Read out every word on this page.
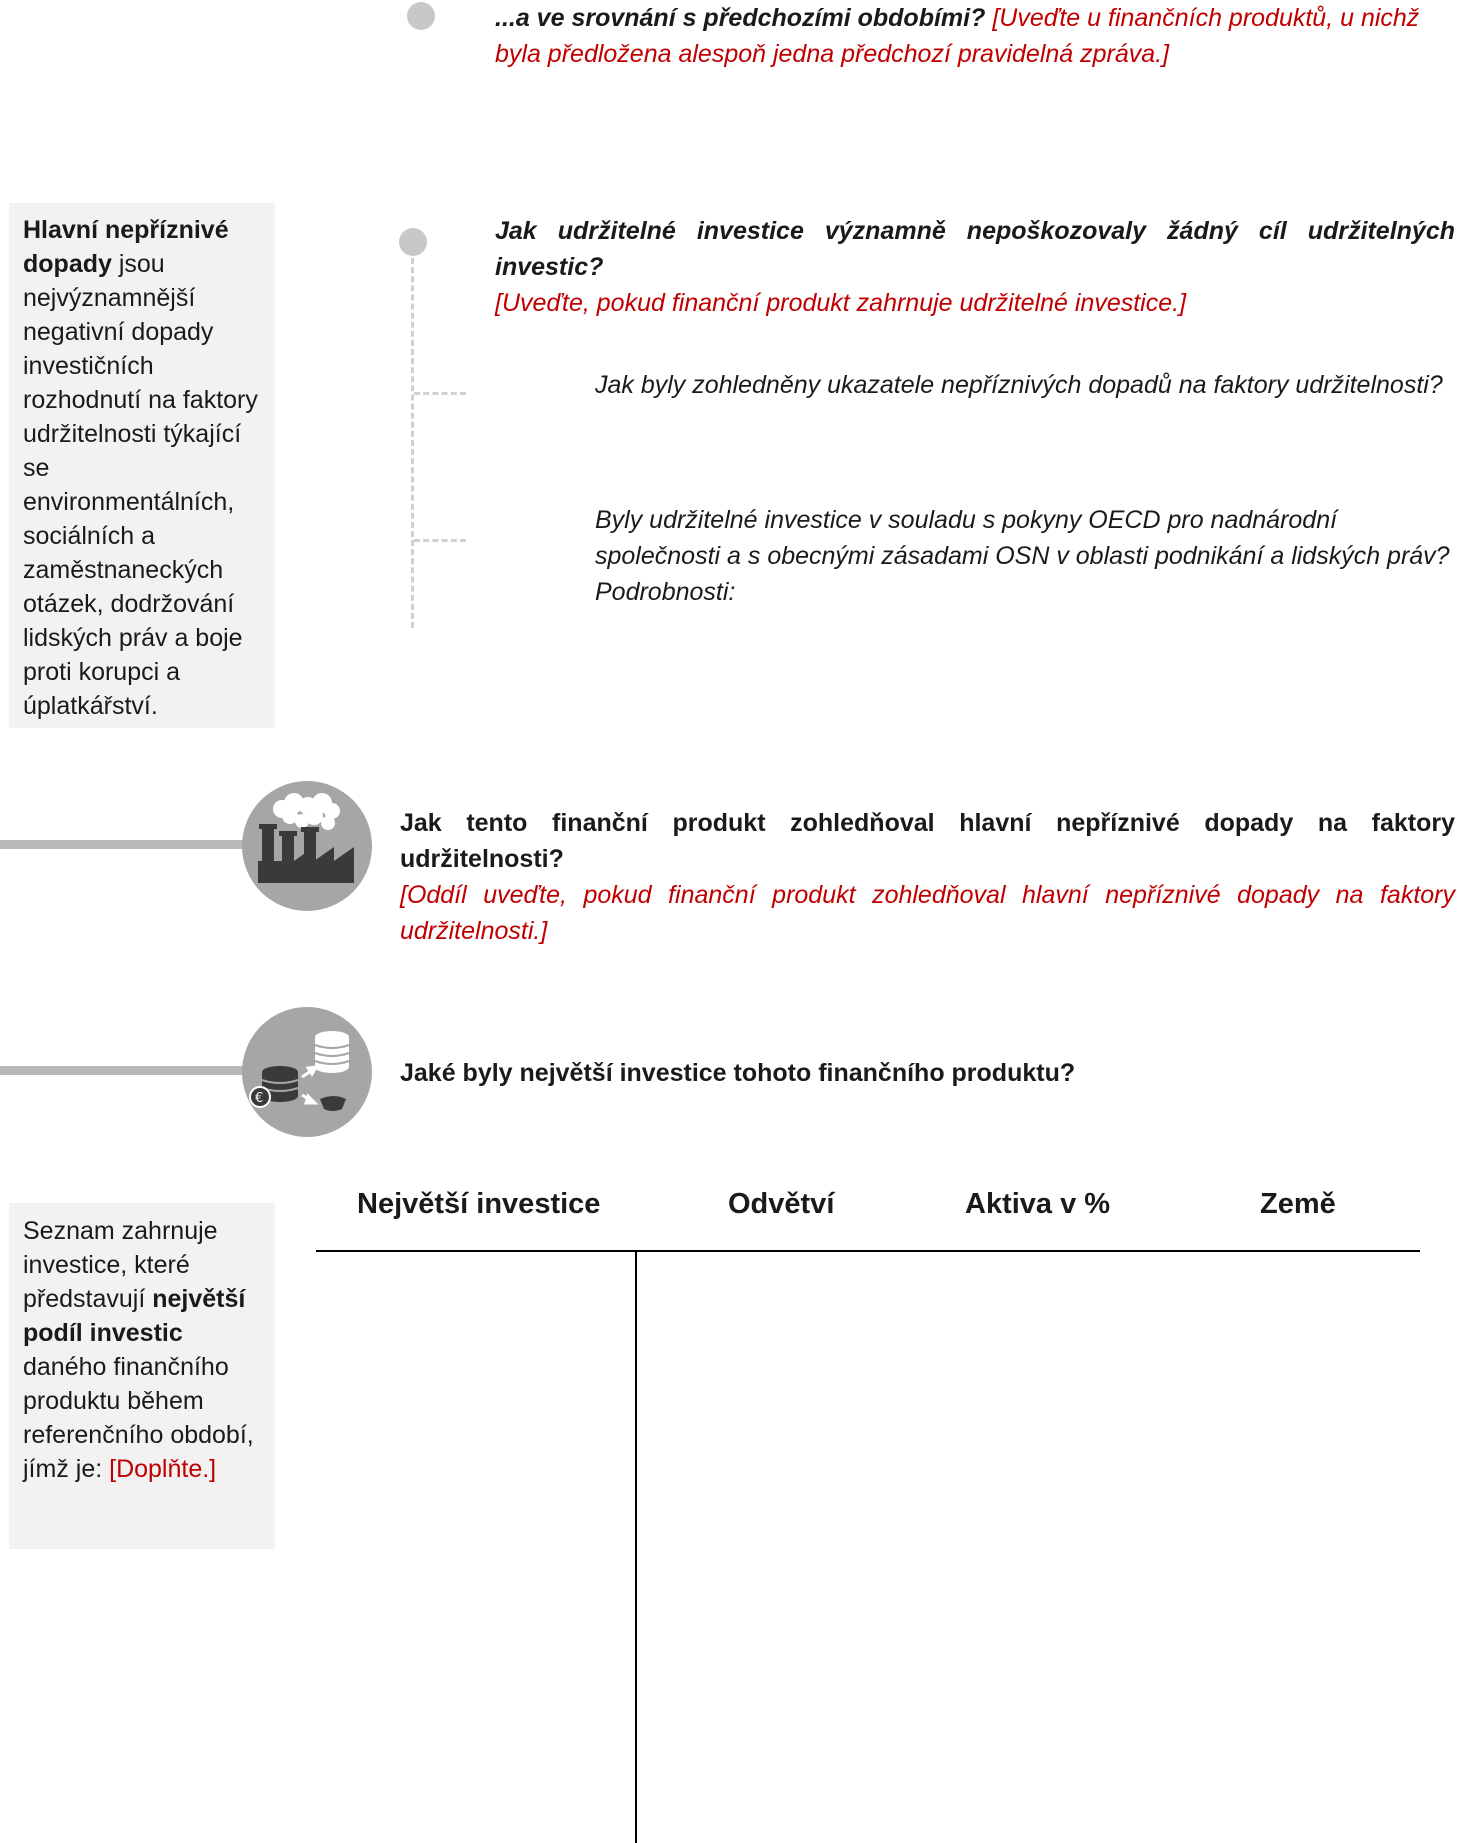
...a ve srovnání s předchozími obdobími? [Uveďte u finančních produktů, u nichž byla předložena alespoň jedna předchozí pravidelná zpráva.]
Hlavní nepříznivé dopady jsou nejvýznamnější negativní dopady investičních rozhodnutí na faktory udržitelnosti týkající se environmentálních, sociálních a zaměstnaneckých otázek, dodržování lidských práv a boje proti korupci a úplatkářství.
Jak udržitelné investice významně nepoškozovaly žádný cíl udržitelných investic?
[Uveďte, pokud finanční produkt zahrnuje udržitelné investice.]
Jak byly zohledněny ukazatele nepříznivých dopadů na faktory udržitelnosti?
Byly udržitelné investice v souladu s pokyny OECD pro nadnárodní společnosti a s obecnými zásadami OSN v oblasti podnikání a lidských práv? Podrobnosti:
Jak tento finanční produkt zohledňoval hlavní nepříznivé dopady na faktory udržitelnosti?
[Oddíl uveďte, pokud finanční produkt zohledňoval hlavní nepříznivé dopady na faktory udržitelnosti.]
€
Jaké byly největší investice tohoto finančního produktu?
Seznam zahrnuje investice, které představují největší podíl investic daného finančního produktu během referenčního období, jímž je: [Doplňte.]
Největší investice	Odvětví	Aktiva v %	Země
